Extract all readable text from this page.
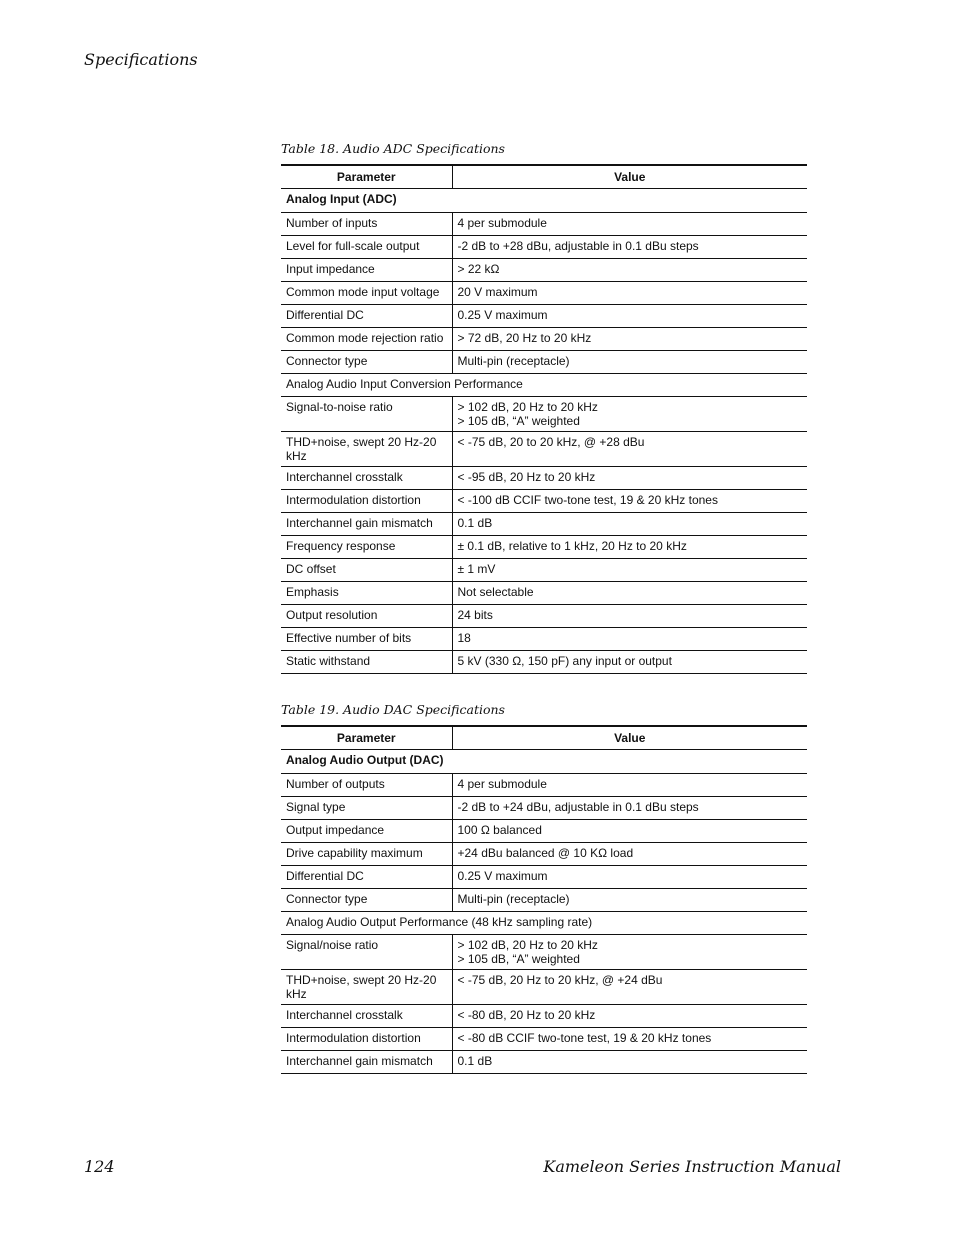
Specifications
Table 18. Audio ADC Specifications
Parameter	Value
Analog Input (ADC)	
Number of inputs	4 per submodule
Level for full-scale output	-2 dB to +28 dBu, adjustable in 0.1 dBu steps
Input impedance	> 22 kΩ
Common mode input voltage	20 V maximum
Differential DC	0.25 V maximum
Common mode rejection ratio	> 72 dB, 20 Hz to 20 kHz
Connector type	Multi-pin (receptacle)
Analog Audio Input Conversion Performance	
Signal-to-noise ratio	> 102 dB, 20 Hz to 20 kHz
> 105 dB, “A” weighted
THD+noise, swept 20 Hz-20 kHz	< -75 dB, 20 to 20 kHz, @ +28 dBu
Interchannel crosstalk	< -95 dB, 20 Hz to 20 kHz
Intermodulation distortion	< -100 dB CCIF two-tone test, 19 & 20 kHz tones
Interchannel gain mismatch	0.1 dB
Frequency response	± 0.1 dB, relative to 1 kHz, 20 Hz to 20 kHz
DC offset	± 1 mV
Emphasis	Not selectable
Output resolution	24 bits
Effective number of bits	18
Static withstand	5 kV (330 Ω, 150 pF) any input or output
Table 19. Audio DAC Specifications
Parameter	Value
Analog Audio Output (DAC)	
Number of outputs	4 per submodule
Signal type	-2 dB to +24 dBu, adjustable in 0.1 dBu steps
Output impedance	100 Ω balanced
Drive capability maximum	+24 dBu balanced @ 10 KΩ load
Differential DC	0.25 V maximum
Connector type	Multi-pin (receptacle)
Analog Audio Output Performance (48 kHz sampling rate)	
Signal/noise ratio	> 102 dB, 20 Hz to 20 kHz
> 105 dB, “A” weighted
THD+noise, swept 20 Hz-20 kHz	< -75 dB, 20 Hz to 20 kHz, @ +24 dBu
Interchannel crosstalk	< -80 dB, 20 Hz to 20 kHz
Intermodulation distortion	< -80 dB CCIF two-tone test, 19 & 20 kHz tones
Interchannel gain mismatch	0.1 dB
124	Kameleon Series Instruction Manual
